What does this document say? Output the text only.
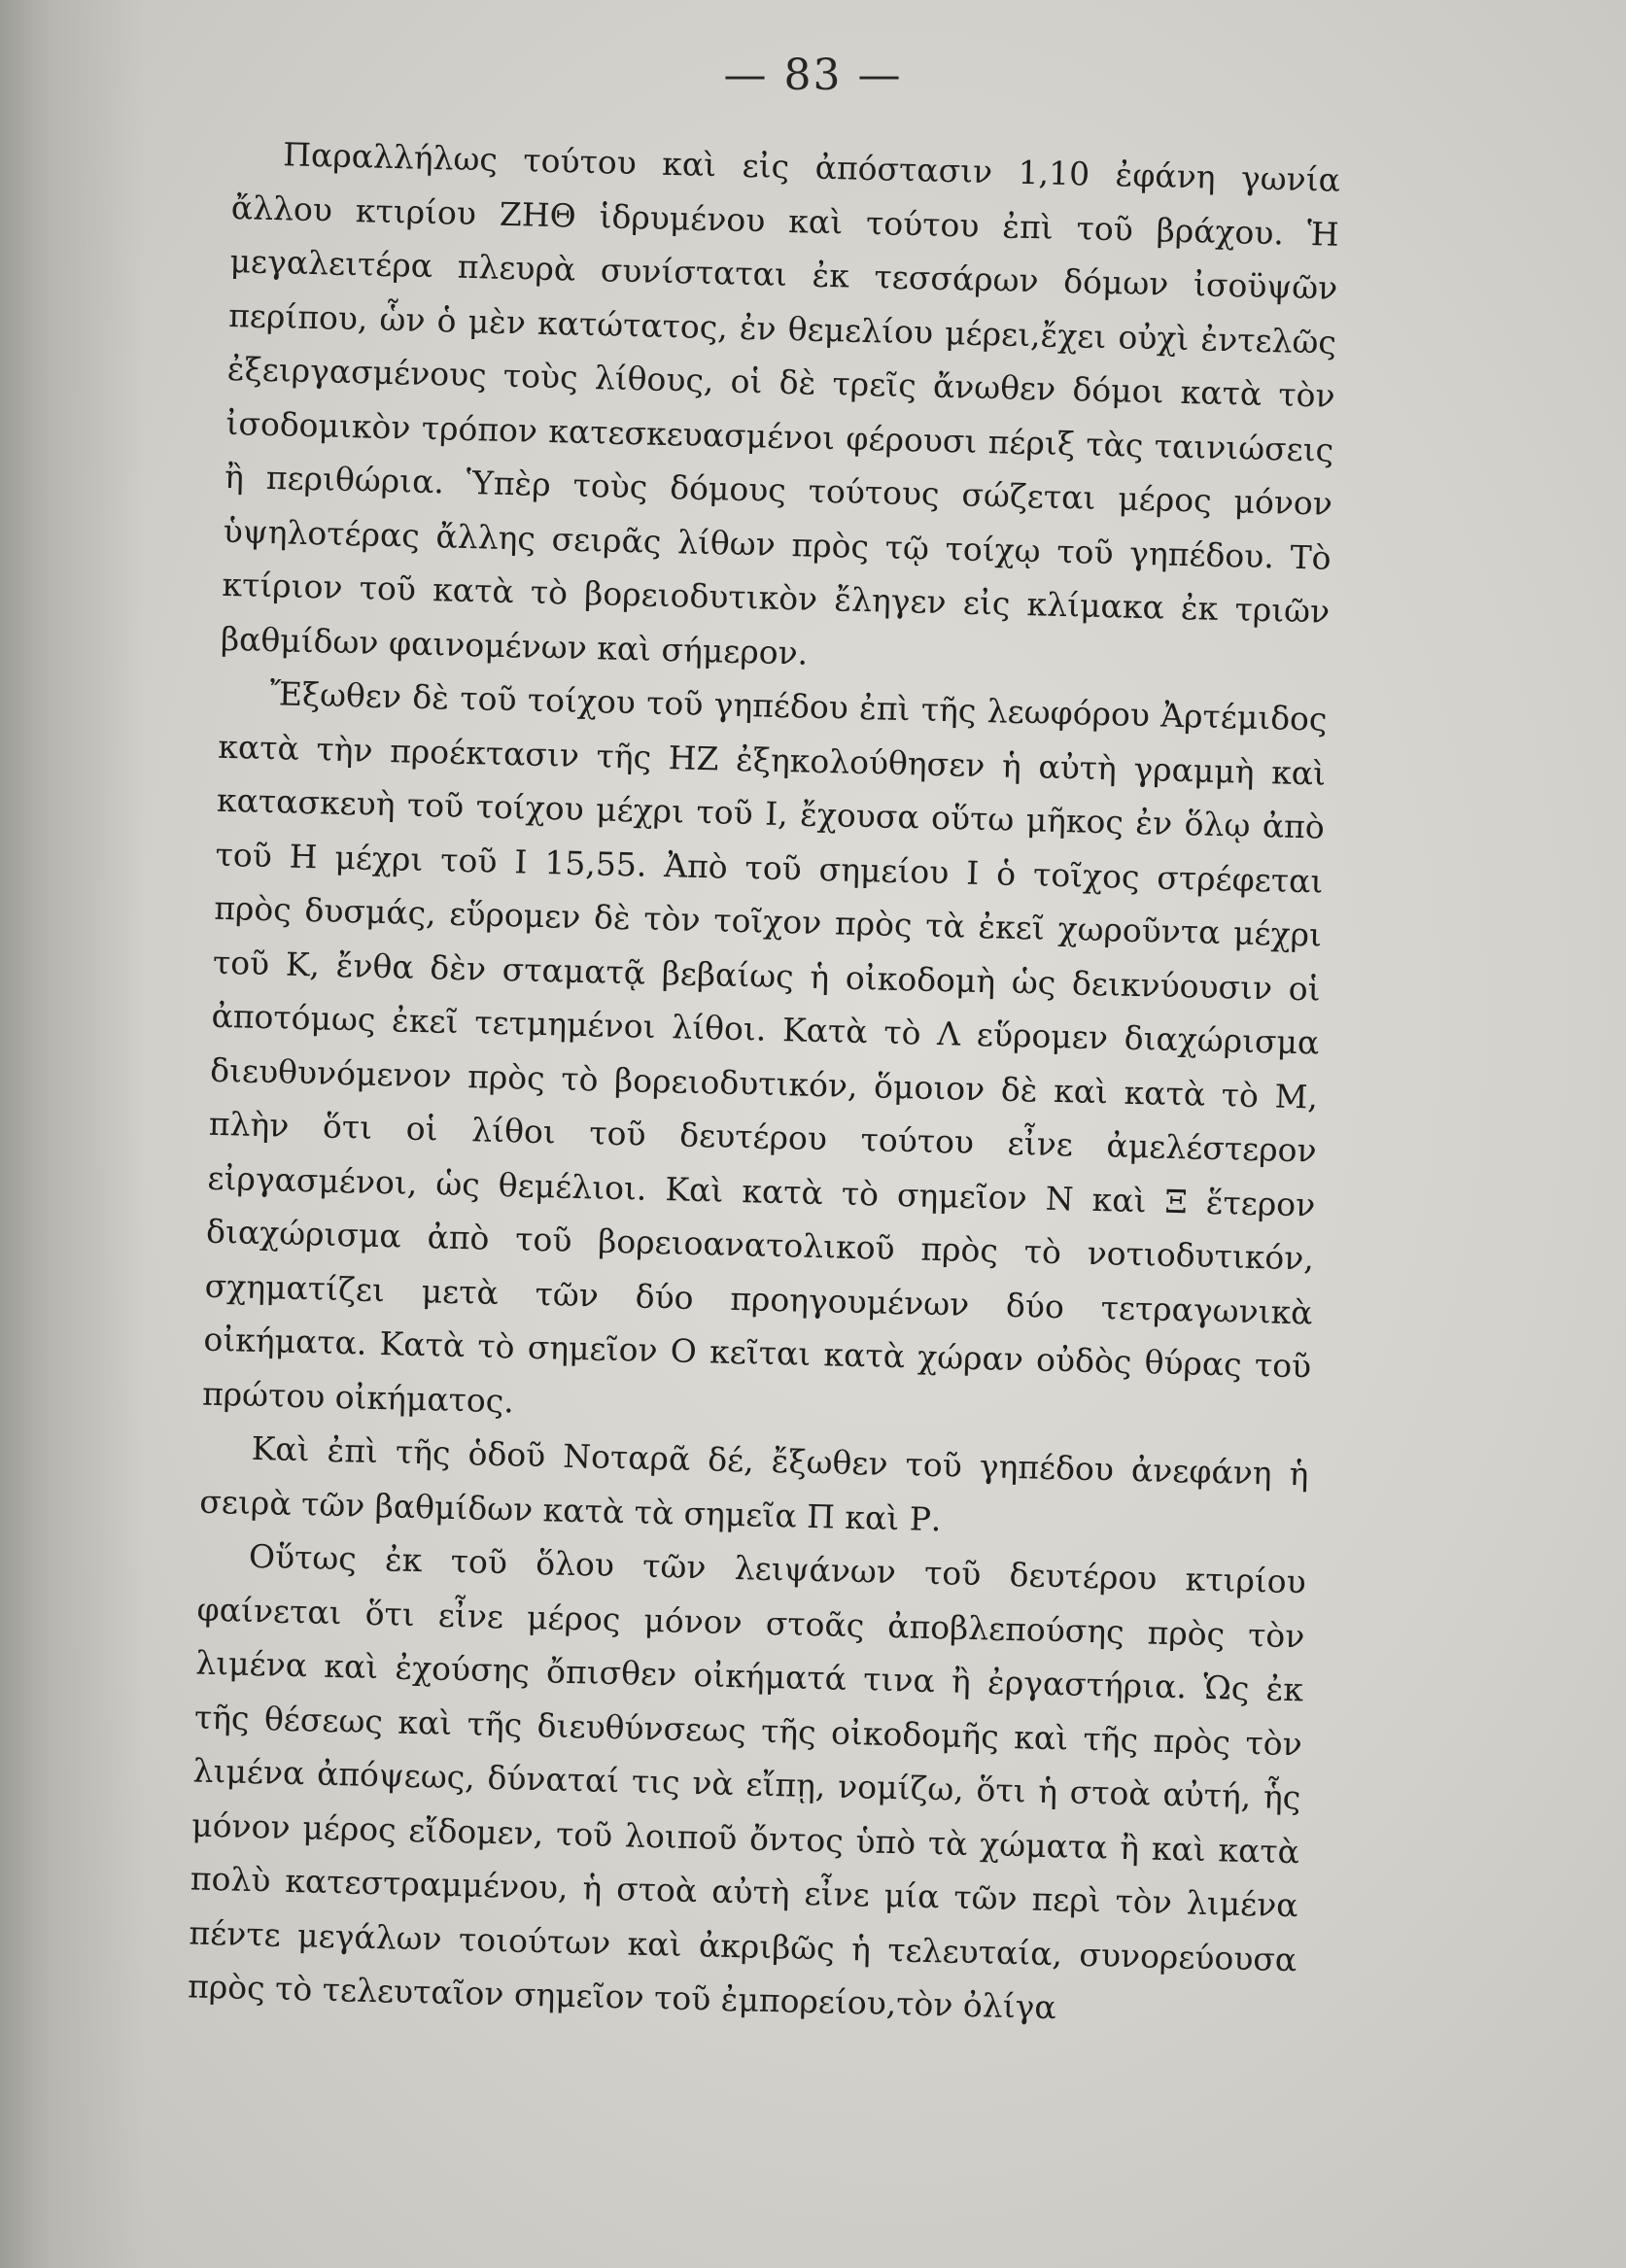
— 83 —

Παραλλήλως τούτου καὶ εἰς ἀπόστασιν 1,10 ἐφάνη γωνία ἄλλου κτιρίου ΖΗΘ ἱδρυμένου καὶ τούτου ἐπὶ τοῦ βράχου. Ἡ μεγαλειτέρα πλευρὰ συνίσταται ἐκ τεσσάρων δόμων ἰσοϋψῶν περίπου, ὧν ὁ μὲν κατώτατος, ἐν θεμελίου μέρει,ἔχει οὐχὶ ἐντελῶς ἐξειργασμένους τοὺς λίθους, οἱ δὲ τρεῖς ἄνωθεν δόμοι κατὰ τὸν ἰσοδομικὸν τρόπον κατεσκευασμένοι φέρουσι πέριξ τὰς ταινιώσεις ἢ περιθώρια. Ὑπὲρ τοὺς δόμους τούτους σώζεται μέρος μόνον ὑψηλοτέρας ἄλλης σειρᾶς λίθων πρὸς τῷ τοίχῳ τοῦ γηπέδου. Τὸ κτίριον τοῦ κατὰ τὸ βορειοδυτικὸν ἔληγεν εἰς κλίμακα ἐκ τριῶν βαθμίδων φαινομένων καὶ σήμερον.

Ἔξωθεν δὲ τοῦ τοίχου τοῦ γηπέδου ἐπὶ τῆς λεωφόρου Ἀρτέμιδος κατὰ τὴν προέκτασιν τῆς ΗΖ ἐξηκολούθησεν ἡ αὐτὴ γραμμὴ καὶ κατασκευὴ τοῦ τοίχου μέχρι τοῦ Ι, ἔχουσα οὕτω μῆκος ἐν ὅλῳ ἀπὸ τοῦ Η μέχρι τοῦ Ι 15,55. Ἀπὸ τοῦ σημείου Ι ὁ τοῖχος στρέφεται πρὸς δυσμάς, εὕρομεν δὲ τὸν τοῖχον πρὸς τὰ ἐκεῖ χωροῦντα μέχρι τοῦ Κ, ἔνθα δὲν σταματᾷ βεβαίως ἡ οἰκοδομὴ ὡς δεικνύουσιν οἱ ἀποτόμως ἐκεῖ τετμημένοι λίθοι. Κατὰ τὸ Λ εὕρομεν διαχώρισμα διευθυνόμενον πρὸς τὸ βορειοδυτικόν, ὅμοιον δὲ καὶ κατὰ τὸ Μ, πλὴν ὅτι οἱ λίθοι τοῦ δευτέρου τούτου εἶνε ἀμελέστερον εἰργασμένοι, ὡς θεμέλιοι. Καὶ κατὰ τὸ σημεῖον Ν καὶ Ξ ἕτερον διαχώρισμα ἀπὸ τοῦ βορειοανατολικοῦ πρὸς τὸ νοτιοδυτικόν, σχηματίζει μετὰ τῶν δύο προηγουμένων δύο τετραγωνικὰ οἰκήματα. Κατὰ τὸ σημεῖον Ο κεῖται κατὰ χώραν οὐδὸς θύρας τοῦ πρώτου οἰκήματος.

Καὶ ἐπὶ τῆς ὁδοῦ Νοταρᾶ δέ, ἔξωθεν τοῦ γηπέδου ἀνεφάνη ἡ σειρὰ τῶν βαθμίδων κατὰ τὰ σημεῖα Π καὶ Ρ.

Οὕτως ἐκ τοῦ ὅλου τῶν λειψάνων τοῦ δευτέρου κτιρίου φαίνεται ὅτι εἶνε μέρος μόνον στοᾶς ἀποβλεπούσης πρὸς τὸν λιμένα καὶ ἐχούσης ὄπισθεν οἰκήματά τινα ἢ ἐργαστήρια. Ὡς ἐκ τῆς θέσεως καὶ τῆς διευθύνσεως τῆς οἰκοδομῆς καὶ τῆς πρὸς τὸν λιμένα ἀπόψεως, δύναταί τις νὰ εἴπῃ, νομίζω, ὅτι ἡ στοὰ αὐτή, ἧς μόνον μέρος εἴδομεν, τοῦ λοιποῦ ὄντος ὑπὸ τὰ χώματα ἢ καὶ κατὰ πολὺ κατεστραμμένου, ἡ στοὰ αὐτὴ εἶνε μία τῶν περὶ τὸν λιμένα πέντε μεγάλων τοιούτων καὶ ἀκριβῶς ἡ τελευταία, συνορεύουσα πρὸς τὸ τελευταῖον σημεῖον τοῦ ἐμπορείου,τὸν ὀλίγα
